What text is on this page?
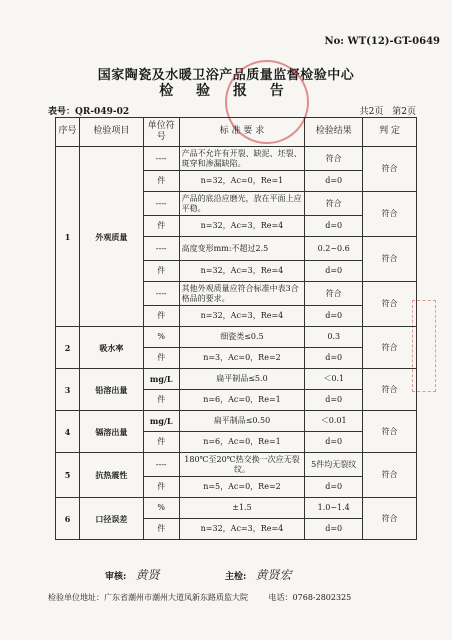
No: WT(12)-GT-0649
国家陶瓷及水暖卫浴产品质量监督检验中心
检 验 报 告
表号：QR-049-02	共2页 第2页
序号	检验项目	单位符号	标 准 要 求	检验结果	判 定
1	外观质量	----	产品不允许有开裂、缺泥、坯裂、斑穿和渗漏缺陷。	符合	符合
		件	n=32，Ac=0，Re=1	d=0	
		----	产品的底沿应磨光，放在平面上应平稳。	符合	符合
		件	n=32，Ac=3，Re=4	d=0	
		----	高度变形mm:不超过2.5	0.2~0.6	符合
		件	n=32，Ac=3，Re=4	d=0	
		----	其他外观质量应符合标准中表3合格品的要求。	符合	符合
		件	n=32，Ac=3，Re=4	d=0	
2	吸水率	%	细瓷类≤0.5	0.3	符合
		件	n=3，Ac=0，Re=2	d=0	
3	铅溶出量	mg/L	扁平制品≤5.0	＜0.1	符合
		件	n=6，Ac=0，Re=1	d=0	
4	镉溶出量	mg/L	扁平制品≤0.50	＜0.01	符合
		件	n=6，Ac=0，Re=1	d=0	
5	抗热震性	----	180℃至20℃热交换一次应无裂纹。	5件均无裂纹	符合
		件	n=5，Ac=0，Re=2	d=0	
6	口径误差	%	±1.5	1.0~1.4	符合
		件	n=32，Ac=3，Re=4	d=0	
审核: 黄贤	主检: 黄贤宏
检验单位地址：广东省潮州市潮州大道凤新东路质监大院	电话：0768-2802325
